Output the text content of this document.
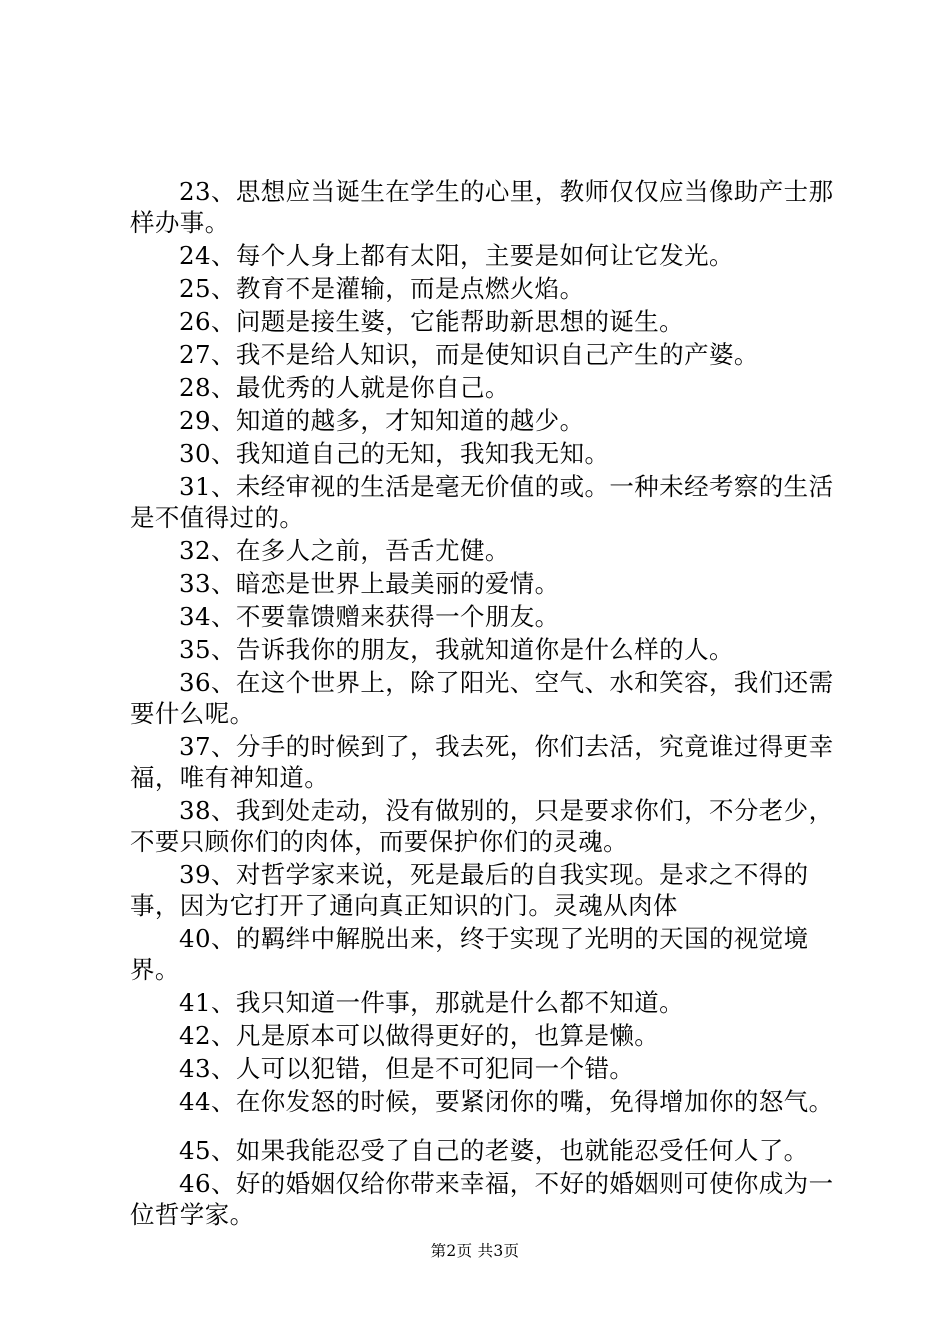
23、思想应当诞生在学生的心里，教师仅仅应当像助产士那样办事。

24、每个人身上都有太阳，主要是如何让它发光。

25、教育不是灌输，而是点燃火焰。

26、问题是接生婆，它能帮助新思想的诞生。

27、我不是给人知识，而是使知识自己产生的产婆。

28、最优秀的人就是你自己。

29、知道的越多，才知知道的越少。

30、我知道自己的无知，我知我无知。

31、未经审视的生活是毫无价值的或。一种未经考察的生活是不值得过的。

32、在多人之前，吾舌尤健。

33、暗恋是世界上最美丽的爱情。

34、不要靠馈赠来获得一个朋友。

35、告诉我你的朋友，我就知道你是什么样的人。

36、在这个世界上，除了阳光、空气、水和笑容，我们还需要什么呢。

37、分手的时候到了，我去死，你们去活，究竟谁过得更幸福，唯有神知道。

38、我到处走动，没有做别的，只是要求你们，不分老少，不要只顾你们的肉体，而要保护你们的灵魂。

39、对哲学家来说，死是最后的自我实现。是求之不得的事，因为它打开了通向真正知识的门。灵魂从肉体

40、的羁绊中解脱出来，终于实现了光明的天国的视觉境界。

41、我只知道一件事，那就是什么都不知道。

42、凡是原本可以做得更好的，也算是懒。

43、人可以犯错，但是不可犯同一个错。

44、在你发怒的时候，要紧闭你的嘴，免得增加你的怒气。

45、如果我能忍受了自己的老婆，也就能忍受任何人了。

46、好的婚姻仅给你带来幸福，不好的婚姻则可使你成为一位哲学家。

第2页 共3页
